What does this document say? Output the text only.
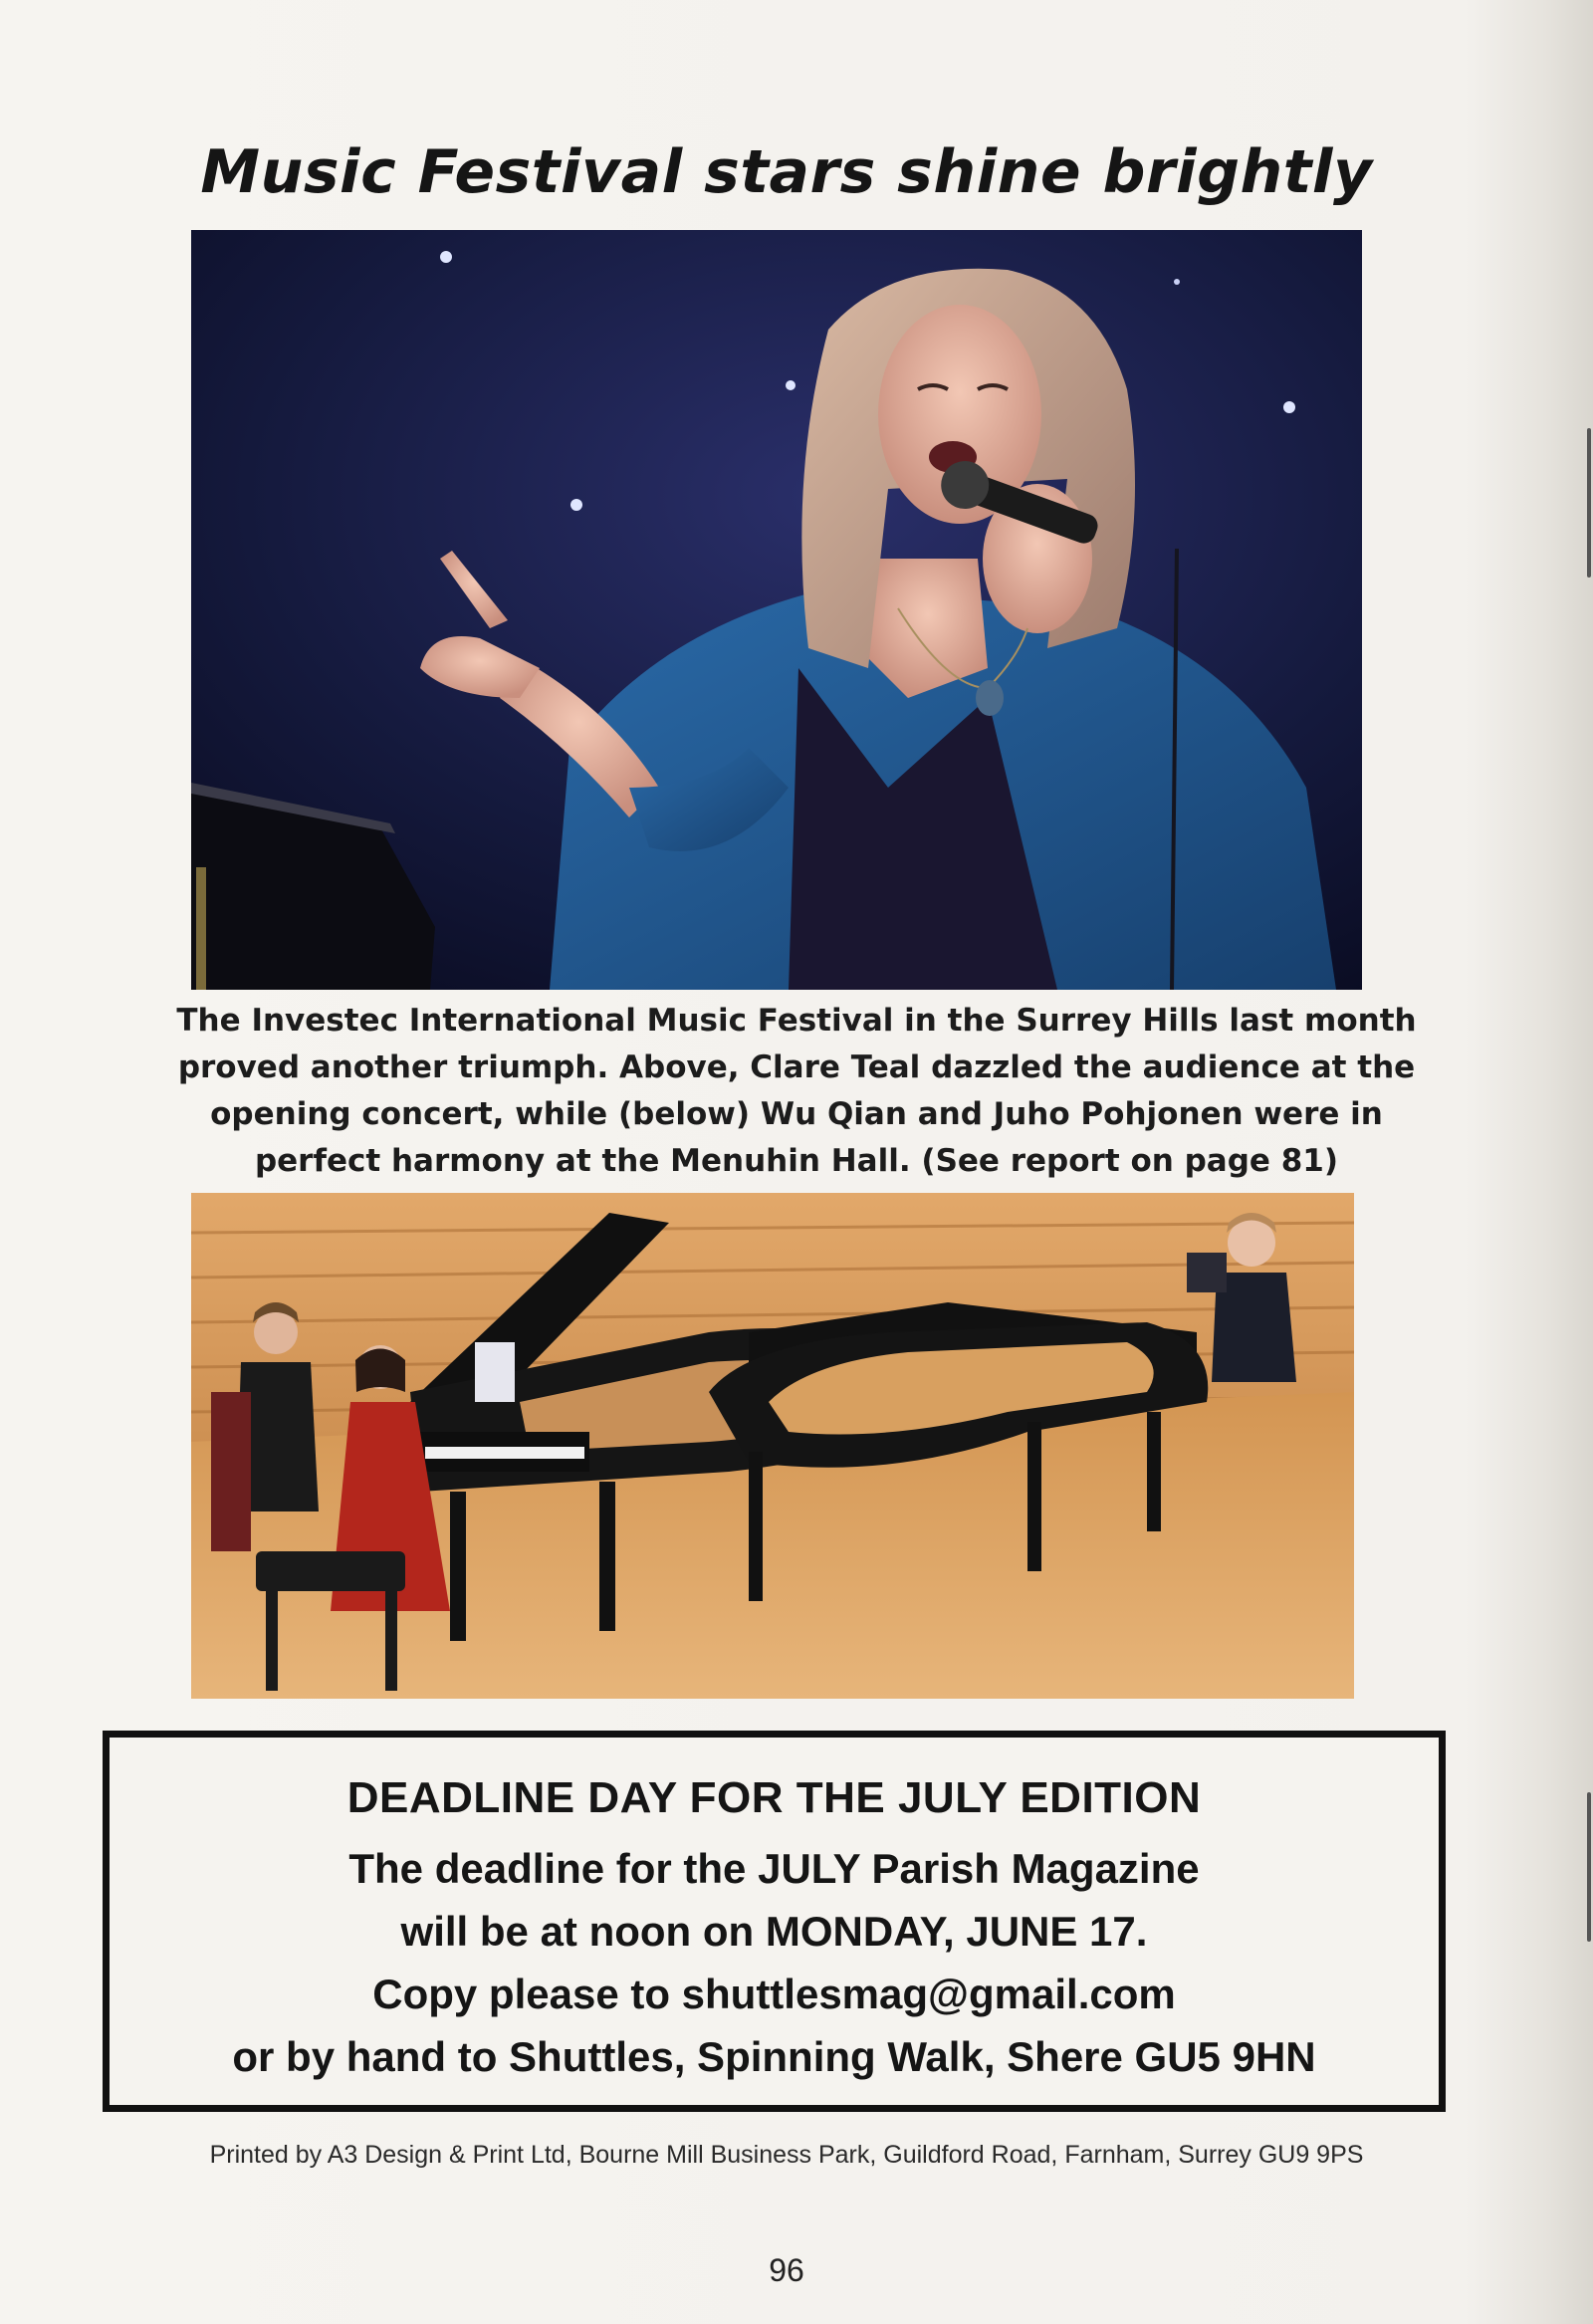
Music Festival stars shine brightly
The Investec International Music Festival in the Surrey Hills last month
proved another triumph. Above, Clare Teal dazzled the audience at the
opening concert, while (below) Wu Qian and Juho Pohjonen were in
perfect harmony at the Menuhin Hall. (See report on page 81)
DEADLINE DAY FOR THE JULY EDITION
The deadline for the JULY Parish Magazine
will be at noon on MONDAY, JUNE 17.
Copy please to shuttlesmag@gmail.com
or by hand to Shuttles, Spinning Walk, Shere GU5 9HN
Printed by A3 Design & Print Ltd, Bourne Mill Business Park, Guildford Road, Farnham, Surrey GU9 9PS
96
